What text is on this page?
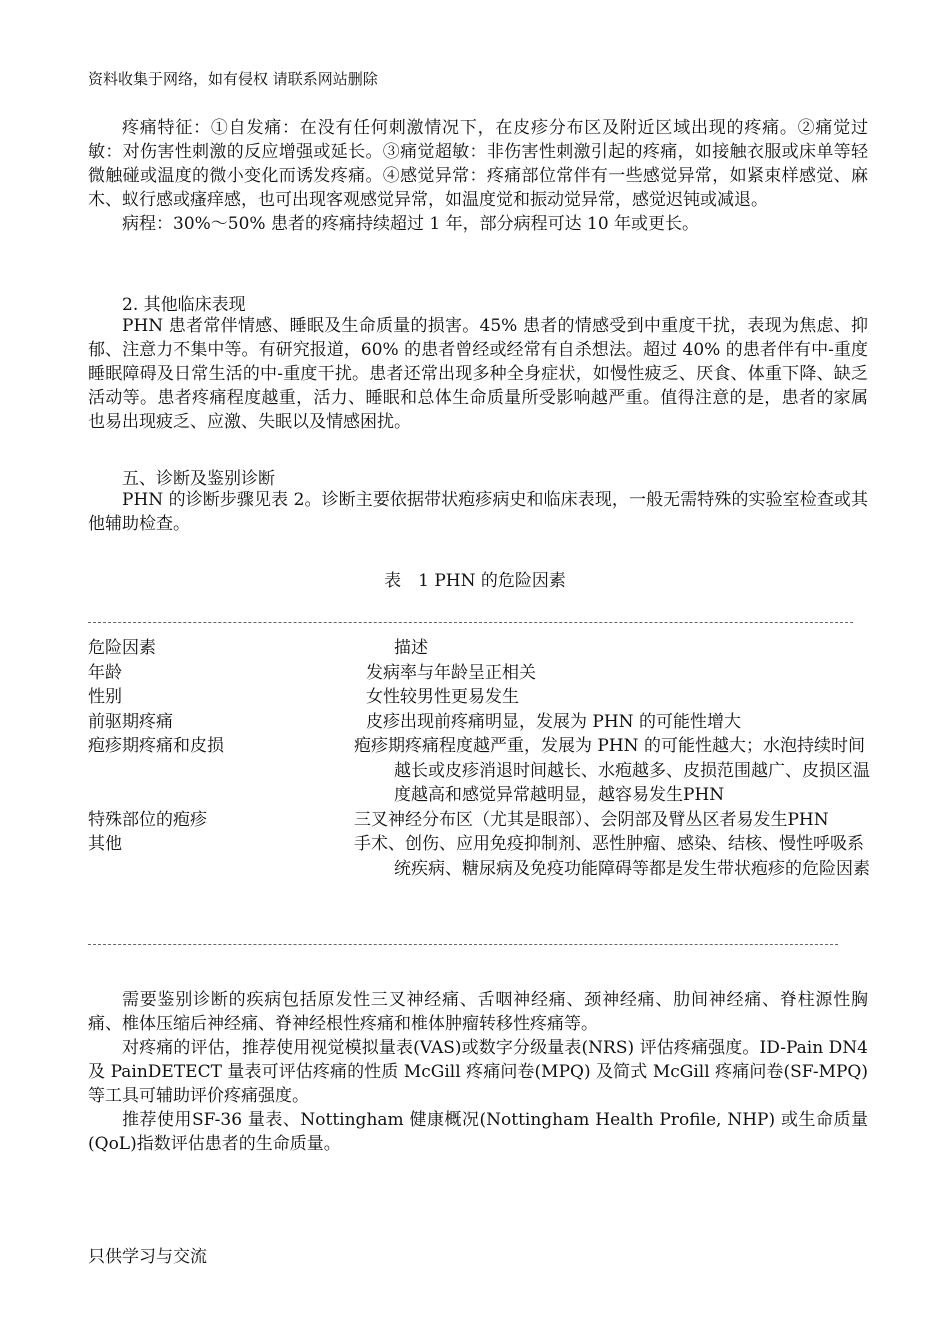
资料收集于网络，如有侵权 请联系网站删除

疼痛特征：①自发痛：在没有任何刺激情况下，在皮疹分布区及附近区域出现的疼痛。②痛觉过敏：对伤害性刺激的反应增强或延长。③痛觉超敏：非伤害性刺激引起的疼痛，如接触衣服或床单等轻微触碰或温度的微小变化而诱发疼痛。④感觉异常：疼痛部位常伴有一些感觉异常，如紧束样感觉、麻木、蚁行感或瘙痒感，也可出现客观感觉异常，如温度觉和振动觉异常，感觉迟钝或减退。

病程：30%～50% 患者的疼痛持续超过 1 年，部分病程可达 10 年或更长。

2. 其他临床表现

PHN 患者常伴情感、睡眠及生命质量的损害。45% 患者的情感受到中重度干扰，表现为焦虑、抑郁、注意力不集中等。有研究报道，60% 的患者曾经或经常有自杀想法。超过 40% 的患者伴有中-重度睡眠障碍及日常生活的中-重度干扰。患者还常出现多种全身症状，如慢性疲乏、厌食、体重下降、缺乏活动等。患者疼痛程度越重，活力、睡眠和总体生命质量所受影响越严重。值得注意的是，患者的家属也易出现疲乏、应激、失眠以及情感困扰。

五、诊断及鉴别诊断

PHN 的诊断步骤见表 2。诊断主要依据带状疱疹病史和临床表现，一般无需特殊的实验室检查或其他辅助检查。

表　1 PHN 的危险因素
危险因素	描述
年龄	发病率与年龄呈正相关
性别	女性较男性更易发生
前驱期疼痛	皮疹出现前疼痛明显，发展为 PHN 的可能性增大
疱疹期疼痛和皮损	疱疹期疼痛程度越严重，发展为 PHN 的可能性越大；水泡持续时间越长或皮疹消退时间越长、水疱越多、皮损范围越广、皮损区温度越高和感觉异常越明显，越容易发生PHN
特殊部位的疱疹	三叉神经分布区（尤其是眼部）、会阴部及臂丛区者易发生PHN
其他	手术、创伤、应用免疫抑制剂、恶性肿瘤、感染、结核、慢性呼吸系统疾病、糖尿病及免疫功能障碍等都是发生带状疱疹的危险因素

需要鉴别诊断的疾病包括原发性三叉神经痛、舌咽神经痛、颈神经痛、肋间神经痛、脊柱源性胸痛、椎体压缩后神经痛、脊神经根性疼痛和椎体肿瘤转移性疼痛等。

对疼痛的评估，推荐使用视觉模拟量表(VAS)或数字分级量表(NRS) 评估疼痛强度。ID-Pain DN4 及 PainDETECT 量表可评估疼痛的性质 McGill 疼痛问卷(MPQ) 及简式 McGill 疼痛问卷(SF-MPQ)等工具可辅助评价疼痛强度。

推荐使用SF-36 量表、Nottingham 健康概况(Nottingham Health Profile, NHP) 或生命质量(QoL)指数评估患者的生命质量。

只供学习与交流
